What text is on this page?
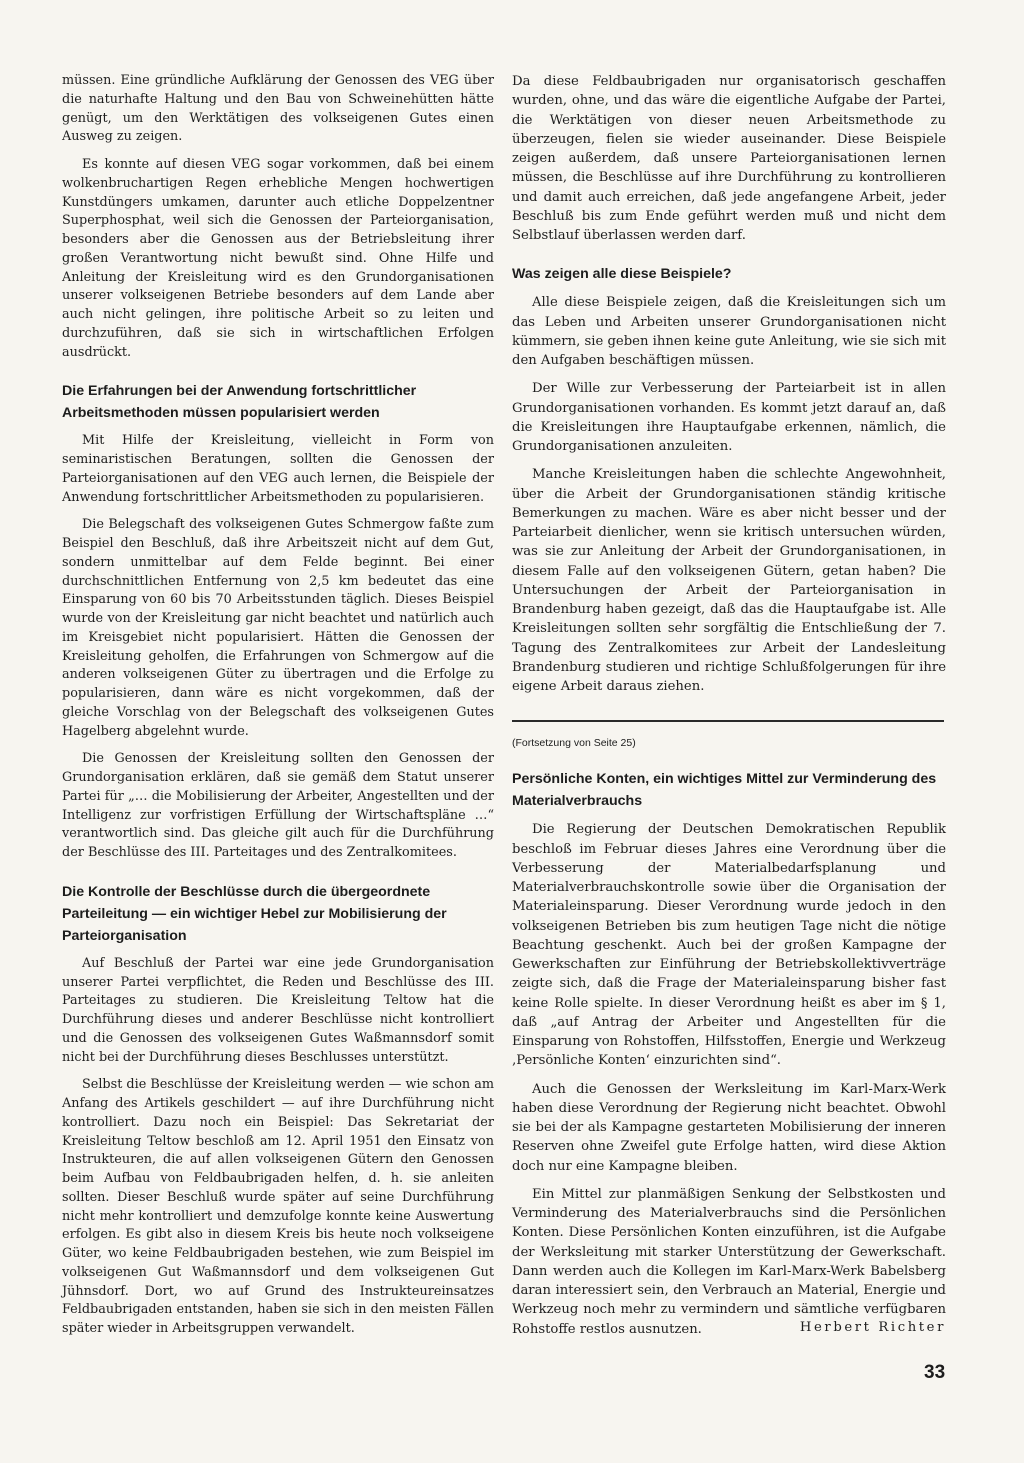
müssen. Eine gründliche Aufklärung der Genossen des VEG über die naturhafte Haltung und den Bau von Schweinehütten hätte genügt, um den Werktätigen des volkseigenen Gutes einen Ausweg zu zeigen.

Es konnte auf diesen VEG sogar vorkommen, daß bei einem wolkenbruchartigen Regen erhebliche Mengen hochwertigen Kunstdüngers umkamen, darunter auch etliche Doppelzentner Superphosphat, weil sich die Genossen der Parteiorganisation, besonders aber die Genossen aus der Betriebsleitung ihrer großen Verantwortung nicht bewußt sind. Ohne Hilfe und Anleitung der Kreisleitung wird es den Grundorganisationen unserer volkseigenen Betriebe besonders auf dem Lande aber auch nicht gelingen, ihre politische Arbeit so zu leiten und durchzuführen, daß sie sich in wirtschaftlichen Erfolgen ausdrückt.

Die Erfahrungen bei der Anwendung fortschrittlicher Arbeitsmethoden müssen popularisiert werden

Mit Hilfe der Kreisleitung, vielleicht in Form von seminaristischen Beratungen, sollten die Genossen der Parteiorganisationen auf den VEG auch lernen, die Beispiele der Anwendung fortschrittlicher Arbeitsmethoden zu popularisieren.

Die Belegschaft des volkseigenen Gutes Schmergow faßte zum Beispiel den Beschluß, daß ihre Arbeitszeit nicht auf dem Gut, sondern unmittelbar auf dem Felde beginnt. Bei einer durchschnittlichen Entfernung von 2,5 km bedeutet das eine Einsparung von 60 bis 70 Arbeitsstunden täglich. Dieses Beispiel wurde von der Kreisleitung gar nicht beachtet und natürlich auch im Kreisgebiet nicht popularisiert. Hätten die Genossen der Kreisleitung geholfen, die Erfahrungen von Schmergow auf die anderen volkseigenen Güter zu übertragen und die Erfolge zu popularisieren, dann wäre es nicht vorgekommen, daß der gleiche Vorschlag von der Belegschaft des volkseigenen Gutes Hagelberg abgelehnt wurde.

Die Genossen der Kreisleitung sollten den Genossen der Grundorganisation erklären, daß sie gemäß dem Statut unserer Partei für „… die Mobilisierung der Arbeiter, Angestellten und der Intelligenz zur vorfristigen Erfüllung der Wirtschaftspläne …“ verantwortlich sind. Das gleiche gilt auch für die Durchführung der Beschlüsse des III. Parteitages und des Zentralkomitees.

Die Kontrolle der Beschlüsse durch die übergeordnete Parteileitung — ein wichtiger Hebel zur Mobilisierung der Parteiorganisation

Auf Beschluß der Partei war eine jede Grundorganisation unserer Partei verpflichtet, die Reden und Beschlüsse des III. Parteitages zu studieren. Die Kreisleitung Teltow hat die Durchführung dieses und anderer Beschlüsse nicht kontrolliert und die Genossen des volkseigenen Gutes Waßmannsdorf somit nicht bei der Durchführung dieses Beschlusses unterstützt.

Selbst die Beschlüsse der Kreisleitung werden — wie schon am Anfang des Artikels geschildert — auf ihre Durchführung nicht kontrolliert. Dazu noch ein Beispiel: Das Sekretariat der Kreisleitung Teltow beschloß am 12. April 1951 den Einsatz von Instrukteuren, die auf allen volkseigenen Gütern den Genossen beim Aufbau von Feldbaubrigaden helfen, d. h. sie anleiten sollten. Dieser Beschluß wurde später auf seine Durchführung nicht mehr kontrolliert und demzufolge konnte keine Auswertung erfolgen. Es gibt also in diesem Kreis bis heute noch volkseigene Güter, wo keine Feldbaubrigaden bestehen, wie zum Beispiel im volkseigenen Gut Waßmannsdorf und dem volkseigenen Gut Jühnsdorf. Dort, wo auf Grund des Instrukteureinsatzes Feldbaubrigaden entstanden, haben sie sich in den meisten Fällen später wieder in Arbeitsgruppen verwandelt.

Da diese Feldbaubrigaden nur organisatorisch geschaffen wurden, ohne, und das wäre die eigentliche Aufgabe der Partei, die Werktätigen von dieser neuen Arbeitsmethode zu überzeugen, fielen sie wieder auseinander. Diese Beispiele zeigen außerdem, daß unsere Parteiorganisationen lernen müssen, die Beschlüsse auf ihre Durchführung zu kontrollieren und damit auch erreichen, daß jede angefangene Arbeit, jeder Beschluß bis zum Ende geführt werden muß und nicht dem Selbstlauf überlassen werden darf.

Was zeigen alle diese Beispiele?

Alle diese Beispiele zeigen, daß die Kreisleitungen sich um das Leben und Arbeiten unserer Grundorganisationen nicht kümmern, sie geben ihnen keine gute Anleitung, wie sie sich mit den Aufgaben beschäftigen müssen.

Der Wille zur Verbesserung der Parteiarbeit ist in allen Grundorganisationen vorhanden. Es kommt jetzt darauf an, daß die Kreisleitungen ihre Hauptaufgabe erkennen, nämlich, die Grundorganisationen anzuleiten.

Manche Kreisleitungen haben die schlechte Angewohnheit, über die Arbeit der Grundorganisationen ständig kritische Bemerkungen zu machen. Wäre es aber nicht besser und der Parteiarbeit dienlicher, wenn sie kritisch untersuchen würden, was sie zur Anleitung der Arbeit der Grundorganisationen, in diesem Falle auf den volkseigenen Gütern, getan haben? Die Untersuchungen der Arbeit der Parteiorganisation in Brandenburg haben gezeigt, daß das die Hauptaufgabe ist. Alle Kreisleitungen sollten sehr sorgfältig die Entschließung der 7. Tagung des Zentralkomitees zur Arbeit der Landesleitung Brandenburg studieren und richtige Schlußfolgerungen für ihre eigene Arbeit daraus ziehen.

(Fortsetzung von Seite 25)
Persönliche Konten, ein wichtiges Mittel zur Verminderung des Materialverbrauchs

Die Regierung der Deutschen Demokratischen Republik beschloß im Februar dieses Jahres eine Verordnung über die Verbesserung der Materialbedarfsplanung und Materialverbrauchskontrolle sowie über die Organisation der Materialeinsparung. Dieser Verordnung wurde jedoch in den volkseigenen Betrieben bis zum heutigen Tage nicht die nötige Beachtung geschenkt. Auch bei der großen Kampagne der Gewerkschaften zur Einführung der Betriebskollektivverträge zeigte sich, daß die Frage der Materialeinsparung bisher fast keine Rolle spielte. In dieser Verordnung heißt es aber im § 1, daß „auf Antrag der Arbeiter und Angestellten für die Einsparung von Rohstoffen, Hilfsstoffen, Energie und Werkzeug ‚Persönliche Konten‘ einzurichten sind“.

Auch die Genossen der Werksleitung im Karl-Marx-Werk haben diese Verordnung der Regierung nicht beachtet. Obwohl sie bei der als Kampagne gestarteten Mobilisierung der inneren Reserven ohne Zweifel gute Erfolge hatten, wird diese Aktion doch nur eine Kampagne bleiben.

Ein Mittel zur planmäßigen Senkung der Selbstkosten und Verminderung des Materialverbrauchs sind die Persönlichen Konten. Diese Persönlichen Konten einzuführen, ist die Aufgabe der Werksleitung mit starker Unterstützung der Gewerkschaft. Dann werden auch die Kollegen im Karl-Marx-Werk Babelsberg daran interessiert sein, den Verbrauch an Material, Energie und Werkzeug noch mehr zu vermindern und sämtliche verfügbaren Rohstoffe restlos ausnutzen.	Herbert Richter
33
